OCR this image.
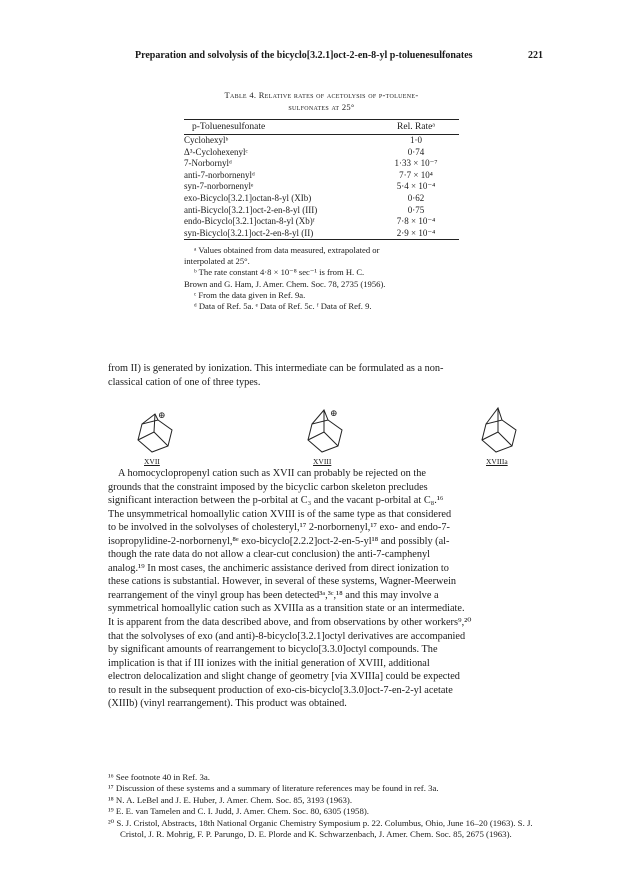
Preparation and solvolysis of the bicyclo[3.2.1]oct-2-en-8-yl p-toluenesulfonates	221
Table 4. Relative rates of acetolysis of p-toluene-
sulfonates at 25°
p-Toluenesulfonate	Rel. Rateᵃ
Cyclohexylᵇ	1·0
Δ³-Cyclohexenylᶜ	0·74
7-Norbornylᵈ	1·33 × 10⁻⁷
anti-7-norbornenylᵈ	7·7 × 10⁴
syn-7-norbornenylᵉ	5·4 × 10⁻⁴
exo-Bicyclo[3.2.1]octan-8-yl (XIb)	0·62
anti-Bicyclo[3.2.1]oct-2-en-8-yl (III)	0·75
endo-Bicyclo[3.2.1]octan-8-yl (Xb)ᶠ	7·8 × 10⁻⁴
syn-Bicyclo[3.2.1]oct-2-en-8-yl (II)	2·9 × 10⁻⁴

ᵃ Values obtained from data measured, extrapolated or

interpolated at 25°.

ᵇ The rate constant 4·8 × 10⁻⁸ sec⁻¹ is from H. C.

Brown and G. Ham, J. Amer. Chem. Soc. 78, 2735 (1956).

ᶜ From the data given in Ref. 9a.

ᵈ Data of Ref. 5a. ᵉ Data of Ref. 5c. ᶠ Data of Ref. 9.

from II) is generated by ionization. This intermediate can be formulated as a non-

classical cation of one of three types.

⊕	⊕
XVII	XVIII	XVIIIa

A homocyclopropenyl cation such as XVII can probably be rejected on the

grounds that the constraint imposed by the bicyclic carbon skeleton precludes

significant interaction between the p-orbital at C₃ and the vacant p-orbital at C₈.¹⁶

The unsymmetrical homoallylic cation XVIII is of the same type as that considered

to be involved in the solvolyses of cholesteryl,¹⁷ 2-norbornenyl,¹⁷ exo- and endo-7-

isopropylidine-2-norbornenyl,⁸ᵉ exo-bicyclo[2.2.2]oct-2-en-5-yl¹⁸ and possibly (al-

though the rate data do not allow a clear-cut conclusion) the anti-7-camphenyl

analog.¹⁹ In most cases, the anchimeric assistance derived from direct ionization to

these cations is substantial. However, in several of these systems, Wagner-Meerwein

rearrangement of the vinyl group has been detected³ᵃ,³ᶜ,¹⁸ and this may involve a

symmetrical homoallylic cation such as XVIIIa as a transition state or an intermediate.

It is apparent from the data described above, and from observations by other workers⁹,²⁰

that the solvolyses of exo (and anti)-8-bicyclo[3.2.1]octyl derivatives are accompanied

by significant amounts of rearrangement to bicyclo[3.3.0]octyl compounds. The

implication is that if III ionizes with the initial generation of XVIII, additional

electron delocalization and slight change of geometry [via XVIIIa] could be expected

to result in the subsequent production of exo-cis-bicyclo[3.3.0]oct-7-en-2-yl acetate

(XIIIb) (vinyl rearrangement). This product was obtained.

¹⁶ See footnote 40 in Ref. 3a.

¹⁷ Discussion of these systems and a summary of literature references may be found in ref. 3a.

¹⁸ N. A. LeBel and J. E. Huber, J. Amer. Chem. Soc. 85, 3193 (1963).

¹⁹ E. E. van Tamelen and C. I. Judd, J. Amer. Chem. Soc. 80, 6305 (1958).

²⁰ S. J. Cristol, Abstracts, 18th National Organic Chemistry Symposium p. 22. Columbus, Ohio, June 16–20 (1963). S. J. Cristol, J. R. Mohrig, F. P. Parungo, D. E. Plorde and K. Schwarzenbach, J. Amer. Chem. Soc. 85, 2675 (1963).
